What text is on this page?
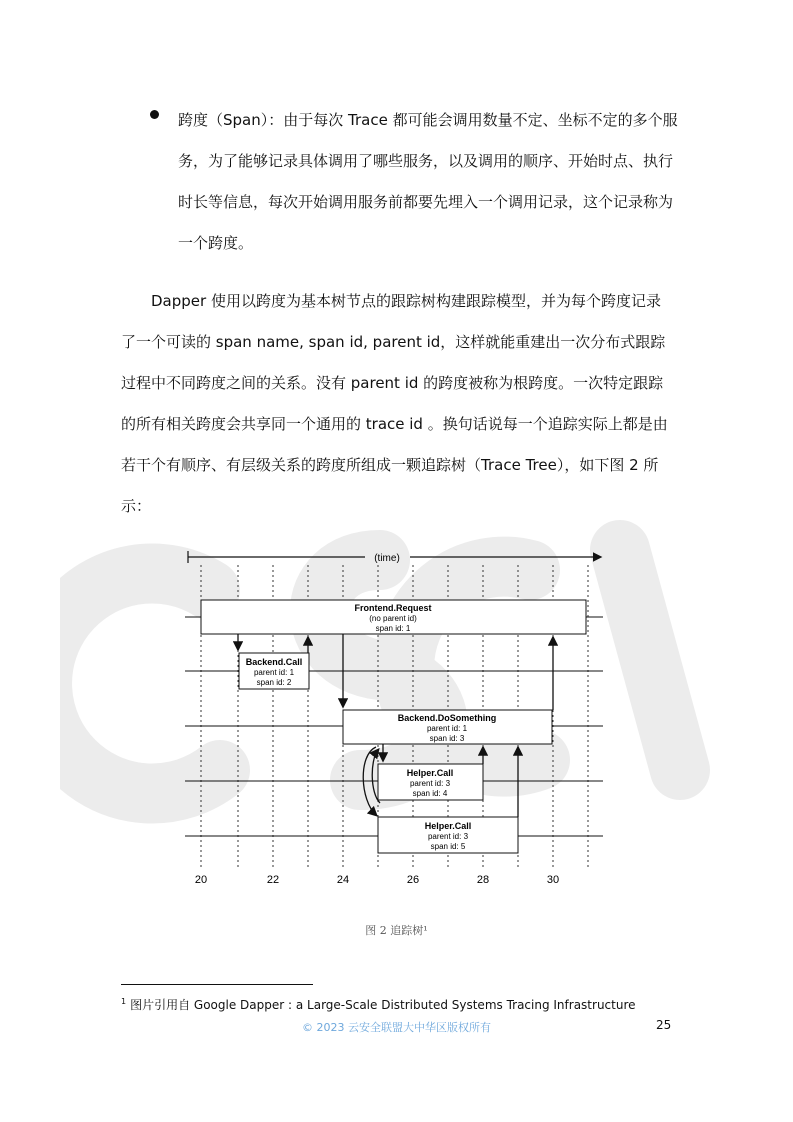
跨度（Span）：由于每次 Trace 都可能会调用数量不定、坐标不定的多个服务，为了能够记录具体调用了哪些服务，以及调用的顺序、开始时点、执行时长等信息，每次开始调用服务前都要先埋入一个调用记录，这个记录称为一个跨度。

Dapper 使用以跨度为基本树节点的跟踪树构建跟踪模型，并为每个跨度记录了一个可读的 span name, span id, parent id，这样就能重建出一次分布式跟踪过程中不同跨度之间的关系。没有 parent id 的跨度被称为根跨度。一次特定跟踪的所有相关跨度会共享同一个通用的 trace id 。换句话说每一个追踪实际上都是由若干个有顺序、有层级关系的跨度所组成一颗追踪树（Trace Tree），如下图 2 所示：

(time)
Frontend.Request
(no parent id)
span id: 1
Backend.Call
parent id: 1
span id: 2
Backend.DoSomething
parent id: 1
span id: 3
Helper.Call
parent id: 3
span id: 4
Helper.Call
parent id: 3
span id: 5
20	22	24	26	28	30
图 2 追踪树¹
$^1$ 图片引用自 Google Dapper : a Large-Scale Distributed Systems Tracing Infrastructure
© 2023 云安全联盟大中华区版权所有	25
